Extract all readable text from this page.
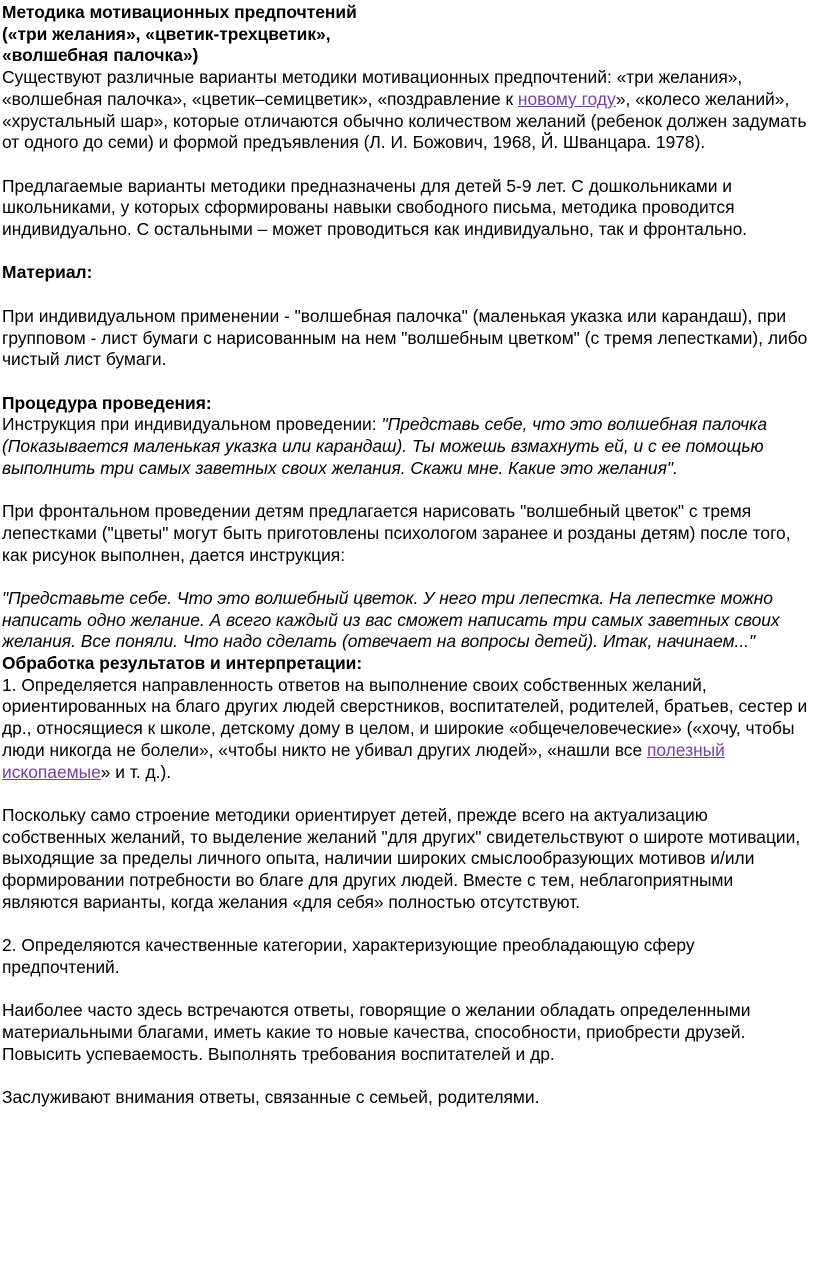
Методика мотивационных предпочтений
(«три желания», «цветик-трехцветик»,
«волшебная палочка»)

Существуют различные варианты методики мотивационных предпочтений: «три желания», «волшебная палочка», «цветик–семицветик», «поздравление к новому году», «колесо желаний», «хрустальный шар», которые отличаются обычно количеством желаний (ребенок должен задумать от одного до семи) и формой предъявления (Л. И. Божович, 1968, Й. Шванцара. 1978).

Предлагаемые варианты методики предназначены для детей 5-9 лет. С дошкольниками и школьниками, у которых сформированы навыки свободного письма, методика проводится индивидуально. С остальными – может проводиться как индивидуально, так и фронтально.

Материал:

При индивидуальном применении - "волшебная палочка" (маленькая указка или карандаш), при групповом - лист бумаги с нарисованным на нем "волшебным цветком" (с тремя лепестками), либо чистый лист бумаги.

Процедура проведения:

Инструкция при индивидуальном проведении: "Представь себе, что это волшебная палочка (Показывается маленькая указка или карандаш). Ты можешь взмахнуть ей, и с ее помощью выполнить три самых заветных своих желания. Скажи мне. Какие это желания".

При фронтальном проведении детям предлагается нарисовать "волшебный цветок" с тремя лепестками ("цветы" могут быть приготовлены психологом заранее и розданы детям) после того, как рисунок выполнен, дается инструкция:

"Представьте себе. Что это волшебный цветок. У него три лепестка. На лепестке можно написать одно желание. А всего каждый из вас сможет написать три самых заветных своих желания. Все поняли. Что надо сделать (отвечает на вопросы детей). Итак, начинаем..."

Обработка результатов и интерпретации:

1. Определяется направленность ответов на выполнение своих собственных желаний, ориентированных на благо других людей сверстников, воспитателей, родителей, братьев, сестер и др., относящиеся к школе, детскому дому в целом, и широкие «общечеловеческие» («хочу, чтобы люди никогда не болели», «чтобы никто не убивал других людей», «нашли все полезный ископаемые» и т. д.).

Поскольку само строение методики ориентирует детей, прежде всего на актуализацию собственных желаний, то выделение желаний "для других" свидетельствуют о широте мотивации, выходящие за пределы личного опыта, наличии широких смыслообразующих мотивов и/или формировании потребности во благе для других людей. Вместе с тем, неблагоприятными являются варианты, когда желания «для себя» полностью отсутствуют.

2. Определяются качественные категории, характеризующие преобладающую сферу предпочтений.

Наиболее часто здесь встречаются ответы, говорящие о желании обладать определенными материальными благами, иметь какие то новые качества, способности, приобрести друзей. Повысить успеваемость. Выполнять требования воспитателей и др.

Заслуживают внимания ответы, связанные с семьей, родителями.
